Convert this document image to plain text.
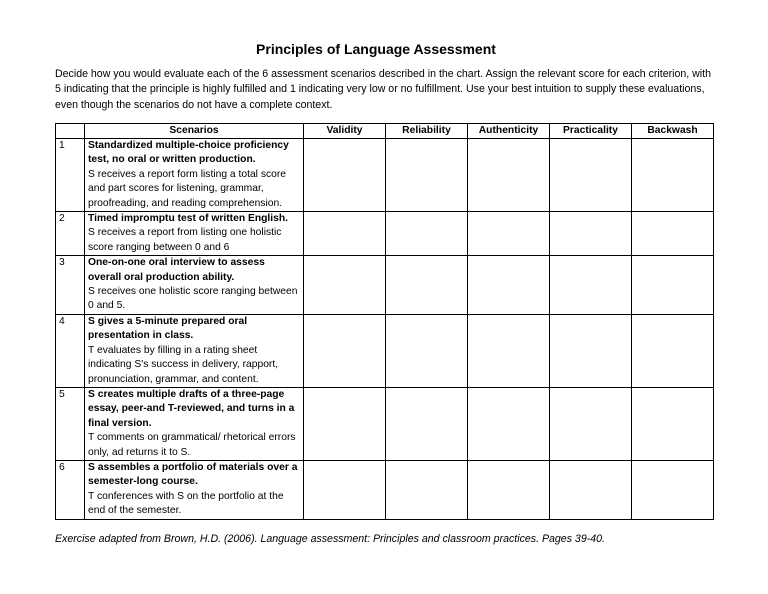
Principles of Language Assessment
Decide how you would evaluate each of the 6 assessment scenarios described in the chart. Assign the relevant score for each criterion, with 5 indicating that the principle is highly fulfilled and 1 indicating very low or no fulfillment. Use your best intuition to supply these evaluations, even though the scenarios do not have a complete context.
	Scenarios	Validity	Reliability	Authenticity	Practicality	Backwash
1	Standardized multiple-choice proficiency test, no oral or written production.
S receives a report form listing a total score and part scores for listening, grammar, proofreading, and reading comprehension.					

2	Timed impromptu test of written English.
S receives a report from listing one holistic score ranging between 0 and 6					

3	One-on-one oral interview to assess overall oral production ability.
S receives one holistic score ranging between 0 and 5.					

4	S gives a 5-minute prepared oral presentation in class.
T evaluates by filling in a rating sheet indicating S's success in delivery, rapport, pronunciation, grammar, and content.					

5	S creates multiple drafts of a three-page essay, peer-and T-reviewed, and turns in a final version.
T comments on grammatical/ rhetorical errors only, ad returns it to S.					

6	S assembles a portfolio of materials over a semester-long course.
T conferences with S on the portfolio at the end of the semester.					

Exercise adapted from Brown, H.D. (2006). Language assessment: Principles and classroom practices. Pages 39-40.
